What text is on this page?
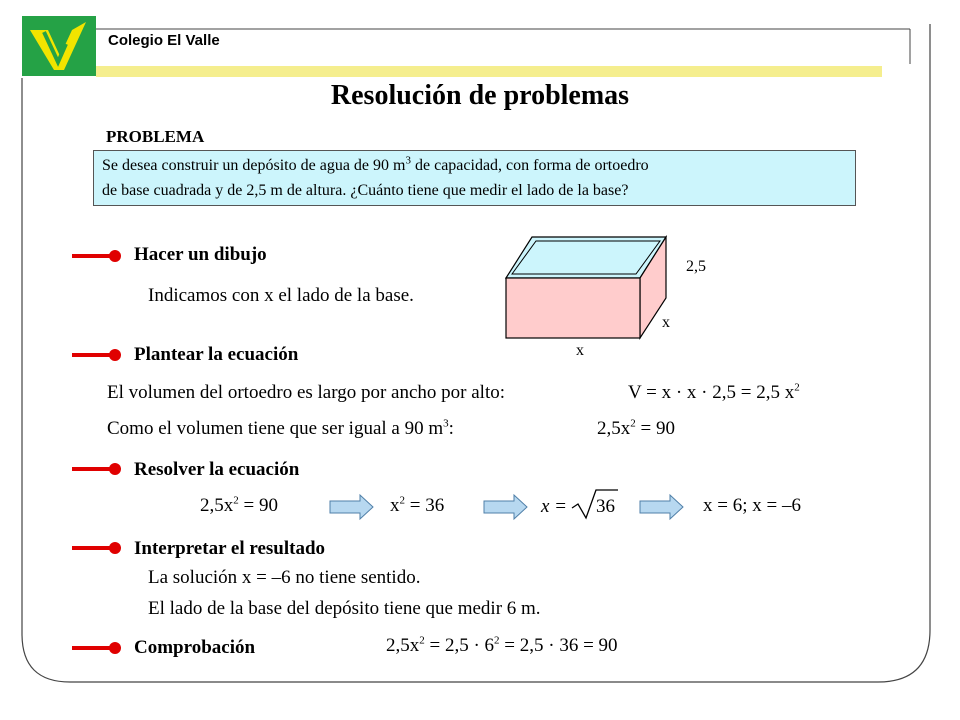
Colegio El Valle
Resolución de problemas
PROBLEMA
Se desea construir un depósito de agua de 90 $m^3$ de capacidad, con forma de ortoedro
de base cuadrada y de 2,5 m de altura. ¿Cuánto tiene que medir el lado de la base?
2,5
x
x
Hacer un dibujo
Indicamos con x el lado de la base.
Plantear la ecuación
El volumen del ortoedro es largo por ancho por alto:	V = x · x · 2,5 = 2,5 $x^2$
Como el volumen tiene que ser igual a 90 $m^3$:	$2,5x^2 = 90$
Resolver la ecuación
$2,5x^2 = 90$	$x^2 = 36$	x = 36	x = 6; x = –6
Interpretar el resultado
La solución x = –6 no tiene sentido.
El lado de la base del depósito tiene que medir 6 m.
Comprobación	$2,5x^2 = 2,5 \cdot 6^2 = 2,5 \cdot 36 = 90$
